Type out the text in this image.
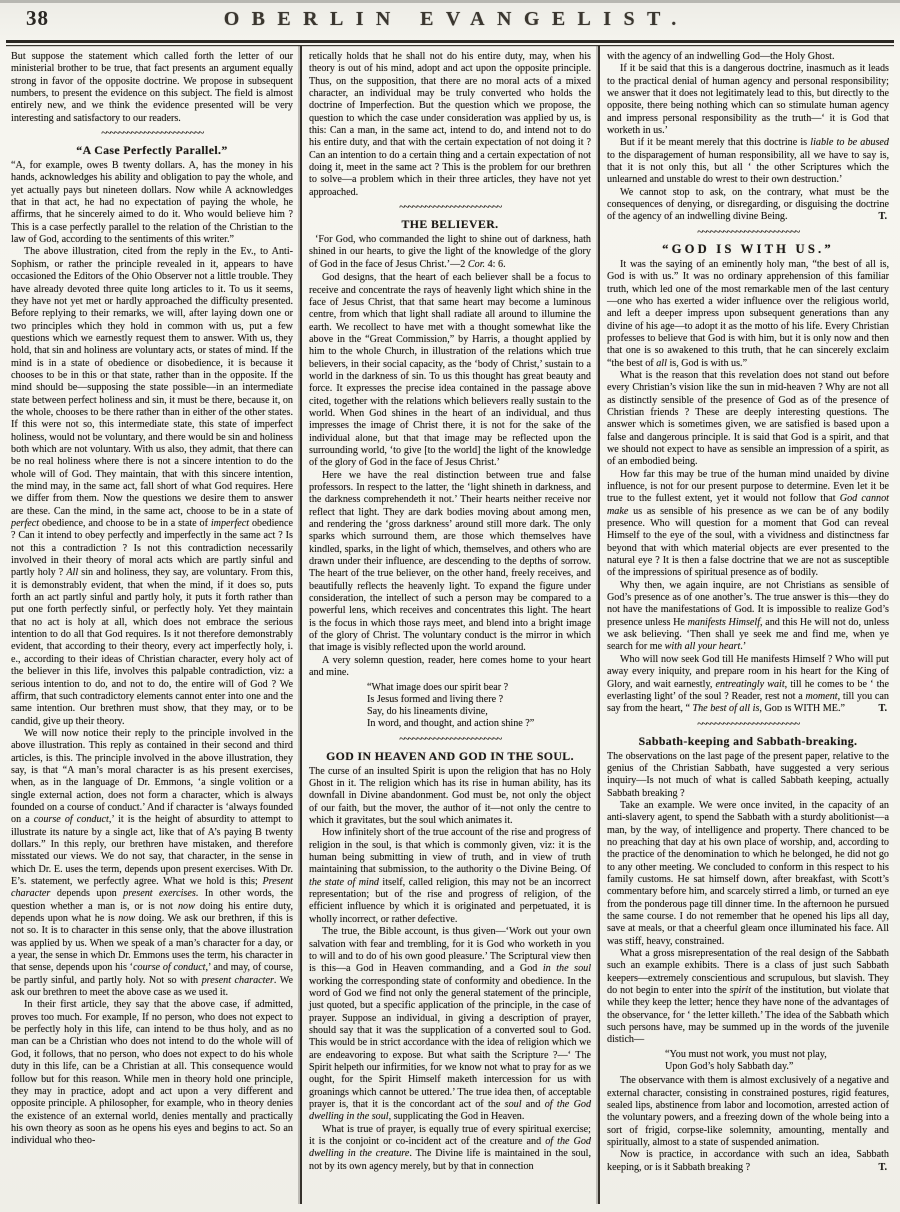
38	OBERLIN EVANGELIST.

But suppose the statement which called forth the letter of our ministerial brother to be true, that fact presents an argument equally strong in favor of the opposite doctrine. We propose in subsequent numbers, to present the evidence on this subject. The field is almost entirely new, and we think the evidence presented will be very interesting and satisfactory to our readers.

~~~~~~~~~~~~~~~~~~~~~~~~
“A Case Perfectly Parallel.”

“A, for example, owes B twenty dollars. A, has the money in his hands, acknowledges his ability and obligation to pay the whole, and yet actually pays but nineteen dollars. Now while A acknowledges that in that act, he had no expectation of paying the whole, he affirms, that he sincerely aimed to do it. Who would believe him ? This is a case perfectly parallel to the relation of the Christian to the law of God, according to the sentiments of this writer.”

The above illustration, cited from the reply in the Ev., to Anti-Sophism, or rather the principle revealed in it, appears to have occasioned the Editors of the Ohio Observer not a little trouble. They have already devoted three quite long articles to it. To us it seems, they have not yet met or hardly approached the difficulty presented. Before replying to their remarks, we will, after laying down one or two principles which they hold in common with us, put a few questions which we earnestly request them to answer. With us, they hold, that sin and holiness are voluntary acts, or states of mind. If the mind is in a state of obedience or disobedience, it is because it chooses to be in this or that state, rather than in the opposite. If the mind should be—supposing the state possible—in an intermediate state between perfect holiness and sin, it must be there, because it, on the whole, chooses to be there rather than in either of the other states. If this were not so, this intermediate state, this state of imperfect holiness, would not be voluntary, and there would be sin and holiness both which are not voluntary. With us also, they admit, that there can be no real holiness where there is not a sincere intention to do the whole will of God. They maintain, that with this sincere intention, the mind may, in the same act, fall short of what God requires. Here we differ from them. Now the questions we desire them to answer are these. Can the mind, in the same act, choose to be in a state of perfect obedience, and choose to be in a state of imperfect obedience ? Can it intend to obey perfectly and imperfectly in the same act ? Is not this a contradiction ? Is not this contradiction necessarily involved in their theory of moral acts which are partly sinful and partly holy ? All sin and holiness, they say, are voluntary. From this, it is demonstrably evident, that when the mind, if it does so, puts forth an act partly sinful and partly holy, it puts it forth rather than put one forth perfectly sinful, or perfectly holy. Yet they maintain that no act is holy at all, which does not embrace the serious intention to do all that God requires. Is it not therefore demonstrably evident, that according to their theory, every act imperfectly holy, i. e., according to their ideas of Christian character, every holy act of the believer in this life, involves this palpable contradiction, viz: a serious intention to do, and not to do, the entire will of God ? We affirm, that such contradictory elements cannot enter into one and the same intention. Our brethren must show, that they may, or to be candid, give up their theory.

We will now notice their reply to the principle involved in the above illustration. This reply as contained in their second and third articles, is this. The principle involved in the above illustration, they say, is that “A man’s moral character is as his present exercises, when, as in the language of Dr. Emmons, ‘a single volition or a single external action, does not form a character, which is always founded on a course of conduct.’ And if character is ‘always founded on a course of conduct,’ it is the height of absurdity to attempt to illustrate its nature by a single act, like that of A’s paying B twenty dollars.” In this reply, our brethren have mistaken, and therefore misstated our views. We do not say, that character, in the sense in which Dr. E. uses the term, depends upon present exercises. With Dr. E’s. statement, we perfectly agree. What we hold is this; Present character depends upon present exercises. In other words, the question whether a man is, or is not now doing his entire duty, depends upon what he is now doing. We ask our brethren, if this is not so. It is to character in this sense only, that the above illustration was applied by us. When we speak of a man’s character for a day, or a year, the sense in which Dr. Emmons uses the term, his character in that sense, depends upon his ‘course of conduct,’ and may, of course, be partly sinful, and partly holy. Not so with present character. We ask our brethren to meet the above case as we used it.

In their first article, they say that the above case, if admitted, proves too much. For example, If no person, who does not expect to be perfectly holy in this life, can intend to be thus holy, and as no man can be a Christian who does not intend to do the whole will of God, it follows, that no person, who does not expect to do his whole duty in this life, can be a Christian at all. This consequence would follow but for this reason. While men in theory hold one principle, they may in practice, adopt and act upon a very different and opposite principle. A philosopher, for example, who in theory denies the existence of an external world, denies mentally and practically his own theory as soon as he opens his eyes and begins to act. So an individual who theo-

retically holds that he shall not do his entire duty, may, when his theory is out of his mind, adopt and act upon the opposite principle. Thus, on the supposition, that there are no moral acts of a mixed character, an individual may be truly converted who holds the doctrine of Imperfection. But the question which we propose, the question to which the case under consideration was applied by us, is this: Can a man, in the same act, intend to do, and intend not to do his entire duty, and that with the certain expectation of not doing it ? Can an intention to do a certain thing and a certain expectation of not doing it, meet in the same act ? This is the problem for our brethren to solve—a problem which in their three articles, they have not yet approached.

~~~~~~~~~~~~~~~~~~~~~~~~
THE BELIEVER.
‘For God, who commanded the light to shine out of darkness, hath shined in our hearts, to give the light of the knowledge of the glory of God in the face of Jesus Christ.’—2 Cor. 4: 6.

God designs, that the heart of each believer shall be a focus to receive and concentrate the rays of heavenly light which shine in the face of Jesus Christ, that that same heart may become a luminous centre, from which that light shall radiate all around to illumine the earth. We recollect to have met with a thought somewhat like the above in the “Great Commission,” by Harris, a thought applied by him to the whole Church, in illustration of the relations which true believers, in their social capacity, as the ‘body of Christ,’ sustain to a world in the darkness of sin. To us this thought has great beauty and force. It expresses the precise idea contained in the passage above cited, together with the relations which believers really sustain to the world. When God shines in the heart of an individual, and thus impresses the image of Christ there, it is not for the sake of the individual alone, but that that image may be reflected upon the surrounding world, ‘to give [to the world] the light of the knowledge of the glory of God in the face of Jesus Christ.’

Here we have the real distinction between true and false professors. In respect to the latter, the ‘light shineth in darkness, and the darkness comprehendeth it not.’ Their hearts neither receive nor reflect that light. They are dark bodies moving about among men, and rendering the ‘gross darkness’ around still more dark. The only sparks which surround them, are those which themselves have kindled, sparks, in the light of which, themselves, and others who are drawn under their influence, are descending to the depths of sorrow. The heart of the true believer, on the other hand, freely receives, and beautifully reflects the heavenly light. To expand the figure under consideration, the intellect of such a person may be compared to a powerful lens, which receives and concentrates this light. The heart is the focus in which those rays meet, and blend into a bright image of the glory of Christ. The voluntary conduct is the mirror in which that image is visibly reflected upon the world around.

A very solemn question, reader, here comes home to your heart and mine.

“What image does our spirit bear ?
Is Jesus formed and living there ?
Say, do his lineaments divine,
In word, and thought, and action shine ?”
~~~~~~~~~~~~~~~~~~~~~~~~
GOD IN HEAVEN AND GOD IN THE SOUL.

The curse of an insulted Spirit is upon the religion that has no Holy Ghost in it. The religion which has its rise in human ability, has its downfall in Divine abandonment. God must be, not only the object of our faith, but the mover, the author of it—not only the centre to which it gravitates, but the soul which animates it.

How infinitely short of the true account of the rise and progress of religion in the soul, is that which is commonly given, viz: it is the human being submitting in view of truth, and in view of truth maintaining that submission, to the authority o the Divine Being. Of the state of mind itself, called religion, this may not be an incorrect representation; but of the rise and progress of religion, of the efficient influence by which it is originated and perpetuated, it is wholly incorrect, or rather defective.

The true, the Bible account, is thus given—‘Work out your own salvation with fear and trembling, for it is God who worketh in you to will and to do of his own good pleasure.’ The Scriptural view then is this—a God in Heaven commanding, and a God in the soul working the corresponding state of conformity and obedience. In the word of God we find not only the general statement of the principle, just quoted, but a specific application of the principle, in the case of prayer. Suppose an individual, in giving a description of prayer, should say that it was the supplication of a converted soul to God. This would be in strict accordance with the idea of religion which we are endeavoring to expose. But what saith the Scripture ?—‘ The Spirit helpeth our infirmities, for we know not what to pray for as we ought, for the Spirit Himself maketh intercession for us with groanings which cannot be uttered.’ The true idea then, of acceptable prayer is, that it is the concordant act of the soul and of the God dwelling in the soul, supplicating the God in Heaven.

What is true of prayer, is equally true of every spiritual exercise; it is the conjoint or co-incident act of the creature and of the God dwelling in the creature. The Divine life is maintained in the soul, not by its own agency merely, but by that in connection

with the agency of an indwelling God—the Holy Ghost.

If it be said that this is a dangerous doctrine, inasmuch as it leads to the practical denial of human agency and personal responsibility; we answer that it does not legitimately lead to this, but directly to the opposite, there being nothing which can so stimulate human agency and impress personal responsibility as the truth—‘ it is God that worketh in us.’

But if it be meant merely that this doctrine is liable to be abused to the disparagement of human responsibility, all we have to say is, that it is not only this, but all ‘ the other Scriptures which the unlearned and unstable do wrest to their own destruction.’

We cannot stop to ask, on the contrary, what must be the consequences of denying, or disregarding, or disguising the doctrine of the agency of an indwelling divine Being.	T.

~~~~~~~~~~~~~~~~~~~~~~~~
“GOD IS WITH US.”

It was the saying of an eminently holy man, “the best of all is, God is with us.” It was no ordinary apprehension of this familiar truth, which led one of the most remarkable men of the last century—one who has exerted a wider influence over the religious world, and left a deeper impress upon subsequent generations than any divine of his age—to adopt it as the motto of his life. Every Christian professes to believe that God is with him, but it is only now and then that one is so awakened to this truth, that he can sincerely exclaim “the best of all is, God is with us.”

What is the reason that this revelation does not stand out before every Christian’s vision like the sun in mid-heaven ? Why are not all as distinctly sensible of the presence of God as of the presence of Christian friends ? These are deeply interesting questions. The answer which is sometimes given, we are satisfied is based upon a false and dangerous principle. It is said that God is a spirit, and that we should not expect to have as sensible an impression of a spirit, as of an embodied being.

How far this may be true of the human mind unaided by divine influence, is not for our present purpose to determine. Even let it be true to the fullest extent, yet it would not follow that God cannot make us as sensible of his presence as we can be of any bodily presence. Who will question for a moment that God can reveal Himself to the eye of the soul, with a vividness and distinctness far beyond that with which material objects are ever presented to the natural eye ? It is then a false doctrine that we are not as susceptible of the impressions of spiritual presence as of bodily.

Why then, we again inquire, are not Christians as sensible of God’s presence as of one another’s. The true answer is this—they do not have the manifestations of God. It is impossible to realize God’s presence unless He manifests Himself, and this He will not do, unless we ask believing. ‘Then shall ye seek me and find me, when ye search for me with all your heart.’

Who will now seek God till He manifests Himself ? Who will put away every iniquity, and prepare room in his heart for the King of Glory, and wait earnestly, entreatingly wait, till he comes to be ‘ the everlasting light’ of the soul ? Reader, rest not a moment, till you can say from the heart, “ The best of all is, Gᴏᴅ ɪs WITH ME.”	T.

~~~~~~~~~~~~~~~~~~~~~~~~
Sabbath-keeping and Sabbath-breaking.

The observations on the last page of the present paper, relative to the genius of the Christian Sabbath, have suggested a very serious inquiry—Is not much of what is called Sabbath keeping, actually Sabbath breaking ?

Take an example. We were once invited, in the capacity of an anti-slavery agent, to spend the Sabbath with a sturdy abolitionist—a man, by the way, of intelligence and property. There chanced to be no preaching that day at his own place of worship, and, according to the practice of the denomination to which he belonged, he did not go to any other meeting. We concluded to conform in this respect to his family customs. He sat himself down, after breakfast, with Scott’s commentary before him, and scarcely stirred a limb, or turned an eye from the ponderous page till dinner time. In the afternoon he pursued the same course. I do not remember that he opened his lips all day, save at meals, or that a cheerful gleam once illuminated his face. All was stiff, heavy, constrained.

What a gross misrepresentation of the real design of the Sabbath such an example exhibits. There is a class of just such Sabbath keepers—extremely conscientious and scrupulous, but slavish. They do not begin to enter into the spirit of the institution, but violate that while they keep the letter; hence they have none of the advantages of the observance, for ‘ the letter killeth.’ The idea of the Sabbath which such persons have, may be summed up in the words of the juvenile distich—

“You must not work, you must not play,
Upon God’s holy Sabbath day.”

The observance with them is almost exclusively of a negative and external character, consisting in constrained postures, rigid features, sealed lips, abstinence from labor and locomotion, arrested action of the voluntary powers, and a freezing down of the whole being into a sort of frigid, corpse-like solemnity, amounting, mentally and spiritually, almost to a state of suspended animation.

Now is practice, in accordance with such an idea, Sabbath keeping, or is it Sabbath breaking ?	T.
